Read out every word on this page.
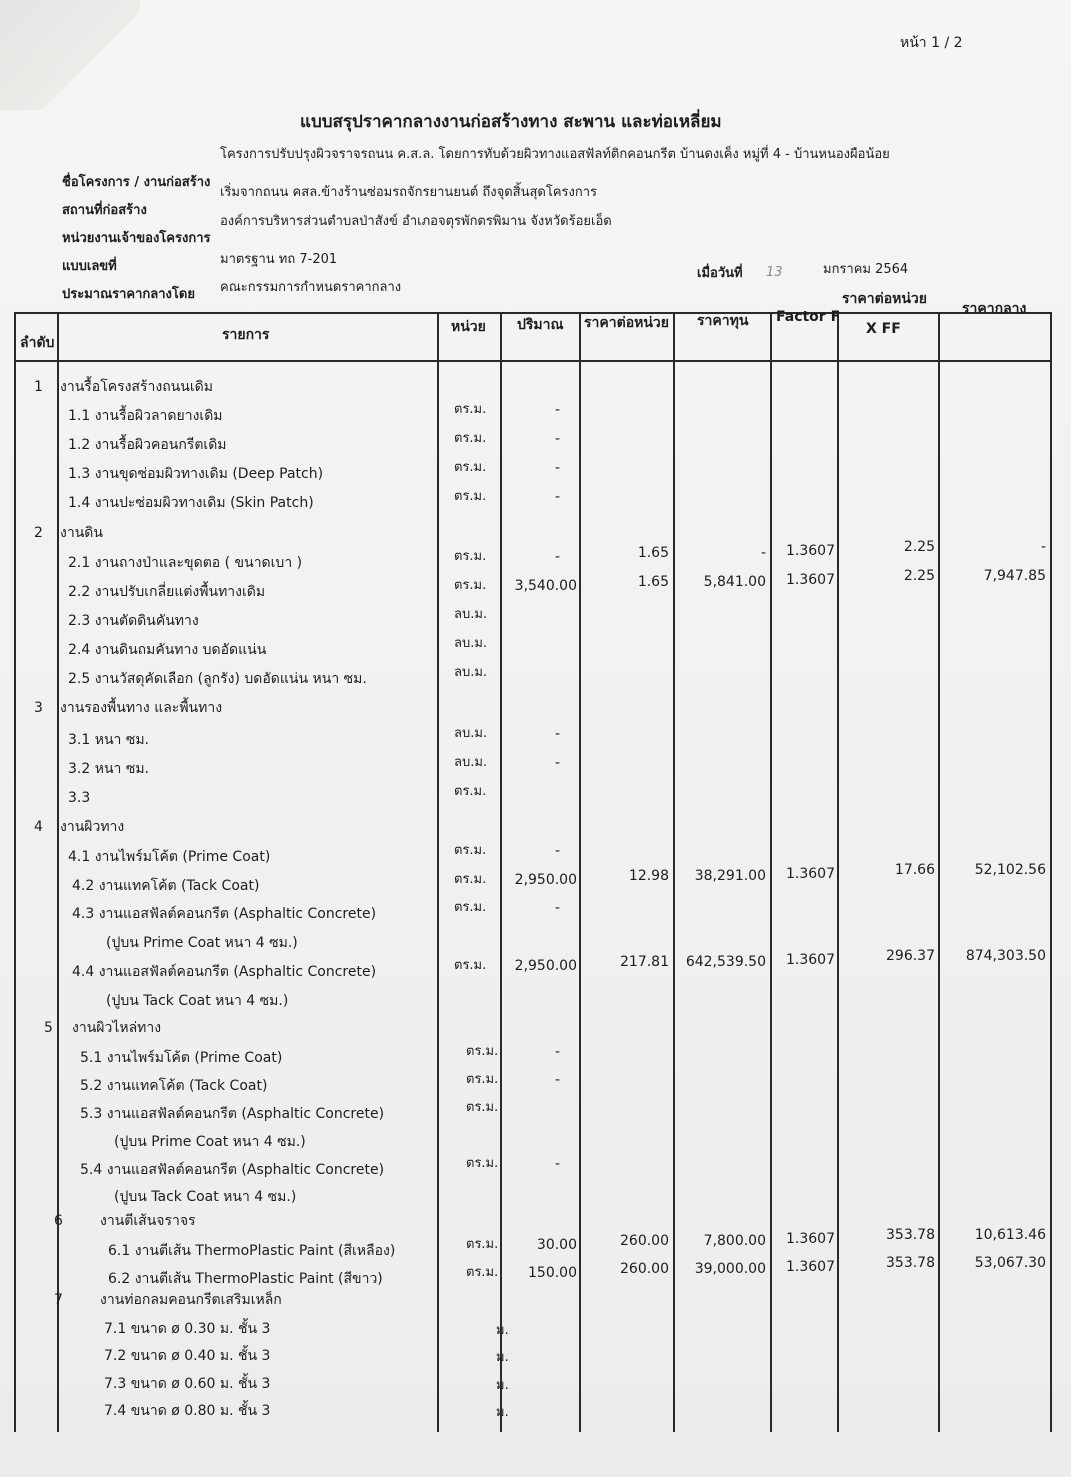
หน้า 1 / 2
แบบสรุปราคากลางงานก่อสร้างทาง สะพาน และท่อเหลี่ยม
ชื่อโครงการ / งานก่อสร้าง
โครงการปรับปรุงผิวจราจรถนน ค.ส.ล. โดยการทับด้วยผิวทางแอสฟัลท์ติกคอนกรีต บ้านดงเค็ง หมู่ที่ 4 - บ้านหนองผือน้อย
สถานที่ก่อสร้าง
เริ่มจากถนน คสล.ข้างร้านซ่อมรถจักรยานยนต์ ถึงจุดสิ้นสุดโครงการ
หน่วยงานเจ้าของโครงการ
องค์การบริหารส่วนตำบลป่าสังข์ อำเภอจตุรพักตรพิมาน จังหวัดร้อยเอ็ด
แบบเลขที่	มาตรฐาน ทถ 7-201
ประมาณราคากลางโดย คณะกรรมการกำหนดราคากลาง
เมื่อวันที่ 13	มกราคม 2564
ลำดับ	รายการ	หน่วย ปริมาณ ราคาต่อหน่วย ราคาทุน Factor F
ราคาต่อหน่วย
X FF
ราคากลาง
1 งานรื้อโครงสร้างถนนเดิม
1.1 งานรื้อผิวลาดยางเดิม	ตร.ม.	-
1.2 งานรื้อผิวคอนกรีตเดิม	ตร.ม.	-
1.3 งานขุดซ่อมผิวทางเดิม (Deep Patch)	ตร.ม.	-
1.4 งานปะซ่อมผิวทางเดิม (Skin Patch)	ตร.ม.	-
2 งานดิน
2.1 งานถางป่าและขุดตอ ( ขนาดเบา )	ตร.ม.	-	1.65	- 1.3607	2.25	-
2.2 งานปรับเกลี่ยแต่งพื้นทางเดิม	ตร.ม. 3,540.00	1.65 5,841.00 1.3607	2.25	7,947.85
2.3 งานตัดดินคันทาง	ลบ.ม.
2.4 งานดินถมคันทาง บดอัดแน่น	ลบ.ม.
2.5 งานวัสดุคัดเลือก (ลูกรัง) บดอัดแน่น หนา ซม.	ลบ.ม.
3 งานรองพื้นทาง และพื้นทาง
3.1 หนา ซม.	ลบ.ม.	-
3.2 หนา ซม.	ลบ.ม.	-
3.3	ตร.ม.
4 งานผิวทาง
4.1 งานไพร์มโค้ต (Prime Coat)	ตร.ม.	-
4.2 งานแทคโค้ต (Tack Coat)	ตร.ม. 2,950.00	12.98 38,291.00 1.3607	17.66	52,102.56
4.3 งานแอสฟัลต์คอนกรีต (Asphaltic Concrete)	ตร.ม.	-
(ปูบน Prime Coat หนา 4 ซม.)
4.4 งานแอสฟัลต์คอนกรีต (Asphaltic Concrete)	ตร.ม. 2,950.00	217.81 642,539.50 1.3607	296.37 874,303.50
(ปูบน Tack Coat หนา 4 ซม.)
5 งานผิวไหล่ทาง
5.1 งานไพร์มโค้ต (Prime Coat)	ตร.ม.	-
5.2 งานแทคโค้ต (Tack Coat)	ตร.ม.	-
5.3 งานแอสฟัลต์คอนกรีต (Asphaltic Concrete)	ตร.ม.
(ปูบน Prime Coat หนา 4 ซม.)
5.4 งานแอสฟัลต์คอนกรีต (Asphaltic Concrete)	ตร.ม.	-
(ปูบน Tack Coat หนา 4 ซม.)
6	งานตีเส้นจราจร
6.1 งานตีเส้น ThermoPlastic Paint (สีเหลือง)	ตร.ม.	30.00	260.00 7,800.00 1.3607	353.78	10,613.46
6.2 งานตีเส้น ThermoPlastic Paint (สีขาว)	ตร.ม. 150.00	260.00 39,000.00 1.3607	353.78	53,067.30
7	งานท่อกลมคอนกรีตเสริมเหล็ก
7.1 ขนาด ø 0.30 ม. ชั้น 3	ม.
7.2 ขนาด ø 0.40 ม. ชั้น 3	ม.
7.3 ขนาด ø 0.60 ม. ชั้น 3	ม.
7.4 ขนาด ø 0.80 ม. ชั้น 3	ม.
